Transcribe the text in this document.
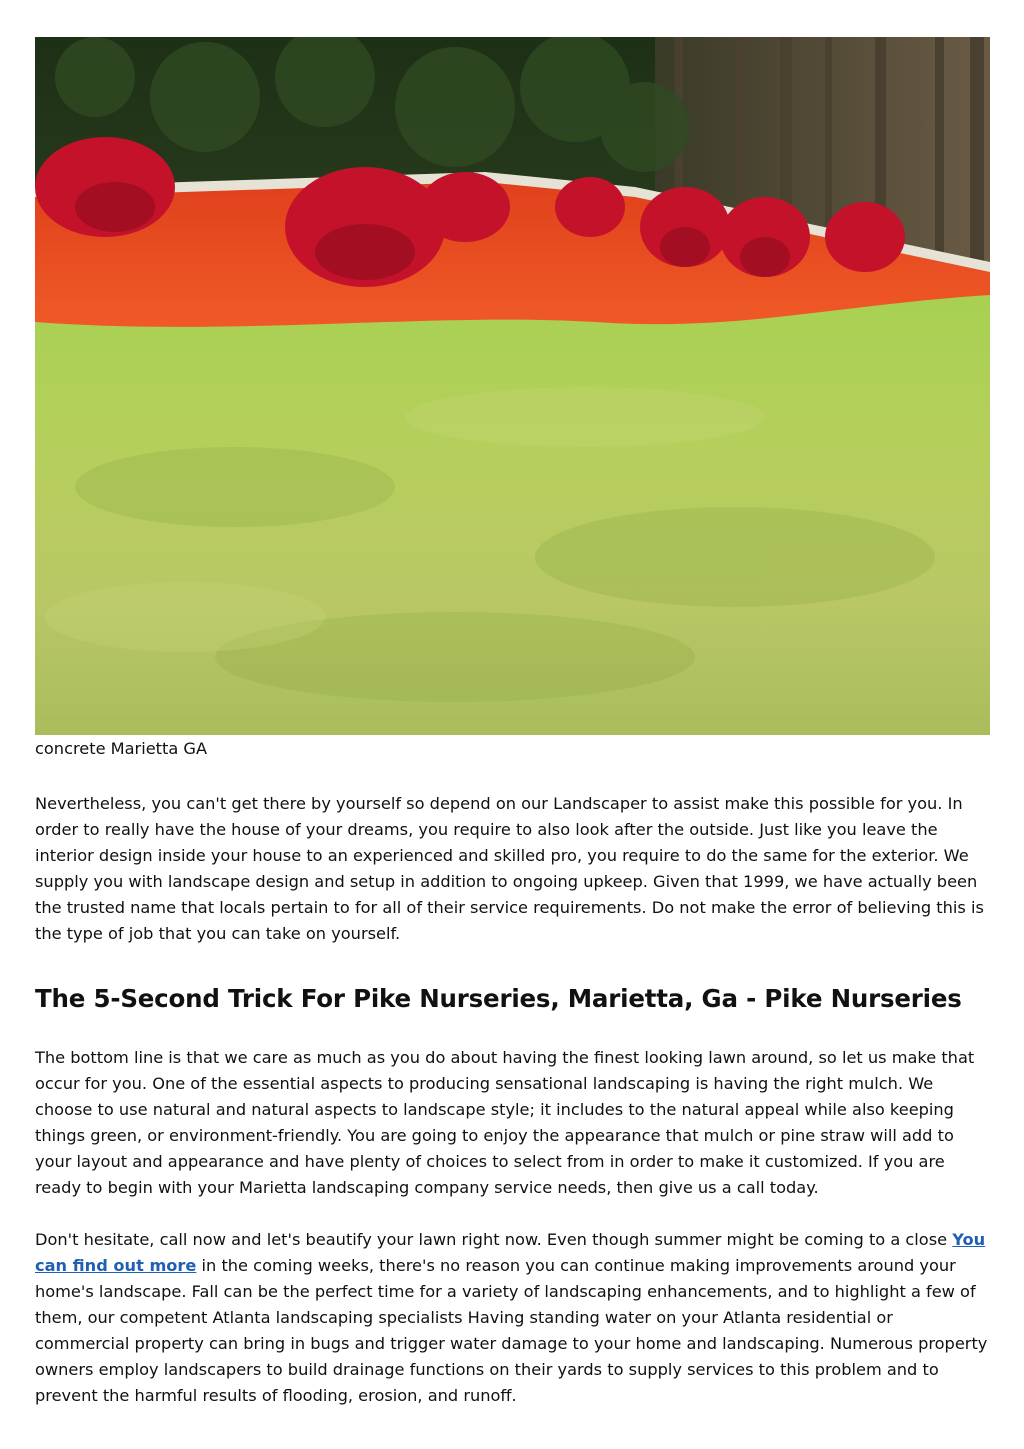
concrete Marietta GA

Nevertheless, you can't get there by yourself so depend on our Landscaper to assist make this possible for you. In order to really have the house of your dreams, you require to also look after the outside. Just like you leave the interior design inside your house to an experienced and skilled pro, you require to do the same for the exterior. We supply you with landscape design and setup in addition to ongoing upkeep. Given that 1999, we have actually been the trusted name that locals pertain to for all of their service requirements. Do not make the error of believing this is the type of job that you can take on yourself.

The 5-Second Trick For Pike Nurseries, Marietta, Ga - Pike Nurseries

The bottom line is that we care as much as you do about having the finest looking lawn around, so let us make that occur for you. One of the essential aspects to producing sensational landscaping is having the right mulch. We choose to use natural and natural aspects to landscape style; it includes to the natural appeal while also keeping things green, or environment-friendly. You are going to enjoy the appearance that mulch or pine straw will add to your layout and appearance and have plenty of choices to select from in order to make it customized. If you are ready to begin with your Marietta landscaping company service needs, then give us a call today.

Don't hesitate, call now and let's beautify your lawn right now. Even though summer might be coming to a close You can find out more in the coming weeks, there's no reason you can continue making improvements around your home's landscape. Fall can be the perfect time for a variety of landscaping enhancements, and to highlight a few of them, our competent Atlanta landscaping specialists Having standing water on your Atlanta residential or commercial property can bring in bugs and trigger water damage to your home and landscaping. Numerous property owners employ landscapers to build drainage functions on their yards to supply services to this problem and to prevent the harmful results of flooding, erosion, and runoff.
